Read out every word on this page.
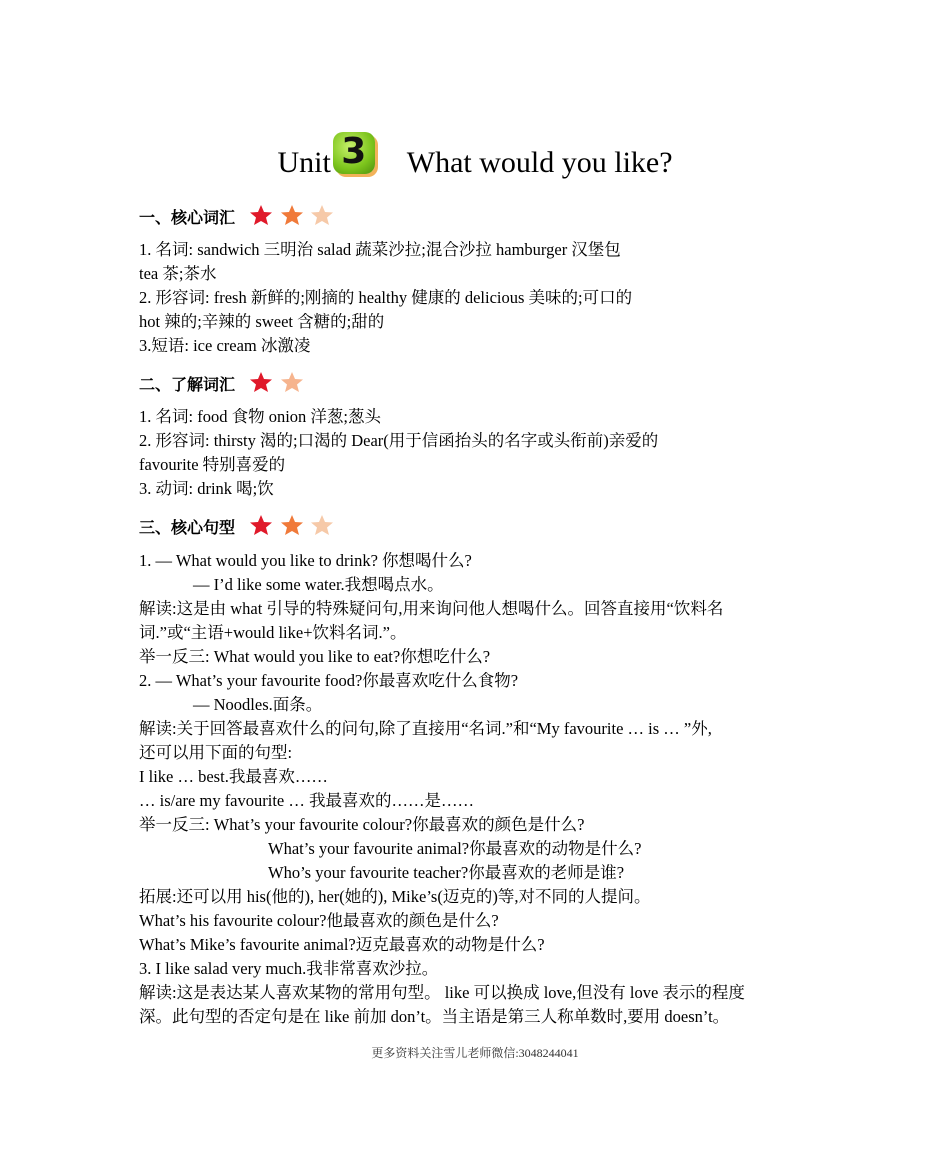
Unit 3 What would you like?
一、核心词汇
1. 名词: sandwich 三明治 salad 蔬菜沙拉;混合沙拉 hamburger 汉堡包
tea 茶;茶水
2. 形容词: fresh 新鲜的;刚摘的 healthy 健康的 delicious 美味的;可口的
hot 辣的;辛辣的 sweet 含糖的;甜的
3.短语: ice cream 冰激凌
二、了解词汇
1. 名词: food 食物 onion 洋葱;葱头
2. 形容词: thirsty 渴的;口渴的 Dear(用于信函抬头的名字或头衔前)亲爱的
favourite 特别喜爱的
3. 动词: drink 喝;饮
三、核心句型
1. — What would you like to drink? 你想喝什么?
— I’d like some water.我想喝点水。
解读:这是由 what 引导的特殊疑问句,用来询问他人想喝什么。回答直接用“饮料名
词.”或“主语+would like+饮料名词.”。
举一反三: What would you like to eat?你想吃什么?
2. — What’s your favourite food?你最喜欢吃什么食物?
— Noodles.面条。
解读:关于回答最喜欢什么的问句,除了直接用“名词.”和“My favourite … is … ”外,
还可以用下面的句型:
I like … best.我最喜欢……
… is/are my favourite … 我最喜欢的……是……
举一反三: What’s your favourite colour?你最喜欢的颜色是什么?
What’s your favourite animal?你最喜欢的动物是什么?
Who’s your favourite teacher?你最喜欢的老师是谁?
拓展:还可以用 his(他的), her(她的), Mike’s(迈克的)等,对不同的人提问。
What’s his favourite colour?他最喜欢的颜色是什么?
What’s Mike’s favourite animal?迈克最喜欢的动物是什么?
3. I like salad very much.我非常喜欢沙拉。
解读:这是表达某人喜欢某物的常用句型。 like 可以换成 love,但没有 love 表示的程度
深。此句型的否定句是在 like 前加 don’t。当主语是第三人称单数时,要用 doesn’t。
更多资料关注雪儿老师微信:3048244041
